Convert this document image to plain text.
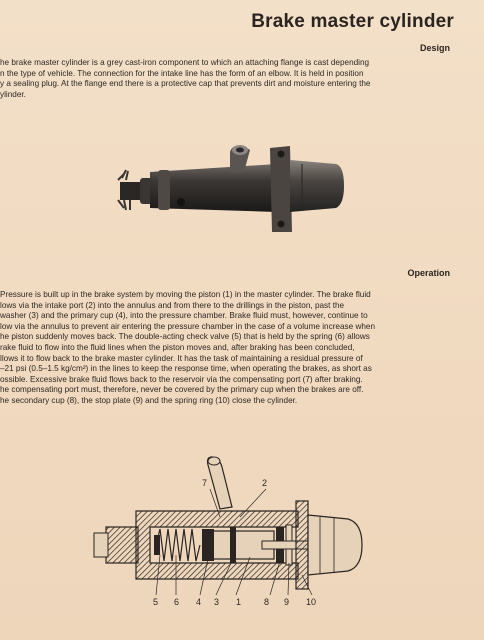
Brake master cylinder
Design
he brake master cylinder is a grey cast-iron component to which an attaching flange is cast depending
n the type of vehicle. The connection for the intake line has the form of an elbow. It is held in position
y a sealing plug. At the flange end there is a protective cap that prevents dirt and moisture entering the
ylinder.
Operation
Pressure is built up in the brake system by moving the piston (1) in the master cylinder. The brake fluid
lows via the intake port (2) into the annulus and from there to the drillings in the piston, past the
washer (3) and the primary cup (4), into the pressure chamber. Brake fluid must, however, continue to
low via the annulus to prevent air entering the pressure chamber in the case of a volume increase when
he piston suddenly moves back. The double-acting check valve (5) that is held by the spring (6) allows
rake fluid to flow into the fluid lines when the piston moves and, after braking has been concluded,
llows it to flow back to the brake master cylinder. It has the task of maintaining a residual pressure of
–21 psi (0.5–1.5 kg/cm²) in the lines to keep the response time, when operating the brakes, as short as
ossible. Excessive brake fluid flows back to the reservoir via the compensating port (7) after braking.
he compensating port must, therefore, never be covered by the primary cup when the brakes are off.
he secondary cup (8), the stop plate (9) and the spring ring (10) close the cylinder.
7	2
5 6 4 3 1	8 9 10
